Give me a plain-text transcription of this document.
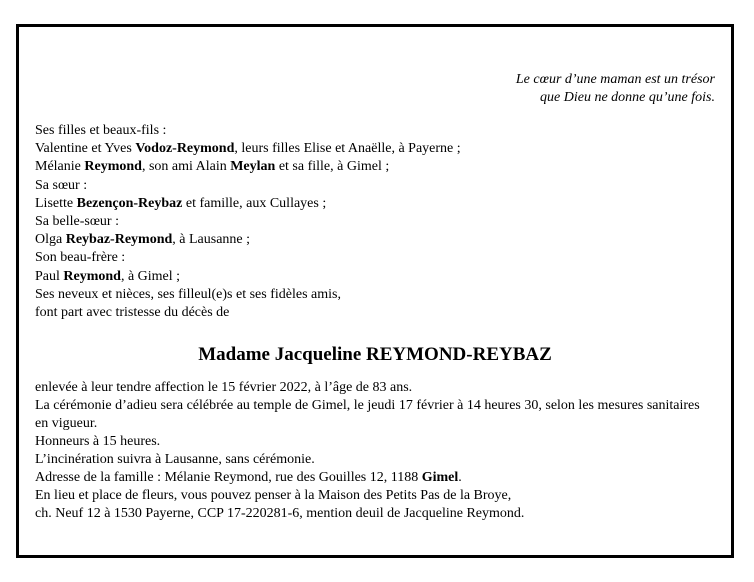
Le cœur d’une maman est un trésor
que Dieu ne donne qu’une fois.
Ses filles et beaux-fils :
Valentine et Yves Vodoz-Reymond, leurs filles Elise et Anaëlle, à Payerne ;
Mélanie Reymond, son ami Alain Meylan et sa fille, à Gimel ;
Sa sœur :
Lisette Bezençon-Reybaz et famille, aux Cullayes ;
Sa belle-sœur :
Olga Reybaz-Reymond, à Lausanne ;
Son beau-frère :
Paul Reymond, à Gimel ;
Ses neveux et nièces, ses filleul(e)s et ses fidèles amis,
font part avec tristesse du décès de
Madame Jacqueline REYMOND-REYBAZ
enlevée à leur tendre affection le 15 février 2022, à l’âge de 83 ans.
La cérémonie d’adieu sera célébrée au temple de Gimel, le jeudi 17 février à 14 heures 30, selon les mesures sanitaires en vigueur.
Honneurs à 15 heures.
L’incinération suivra à Lausanne, sans cérémonie.
Adresse de la famille : Mélanie Reymond, rue des Gouilles 12, 1188 Gimel.
En lieu et place de fleurs, vous pouvez penser à la Maison des Petits Pas de la Broye,
ch. Neuf 12 à 1530 Payerne, CCP 17-220281-6, mention deuil de Jacqueline Reymond.
